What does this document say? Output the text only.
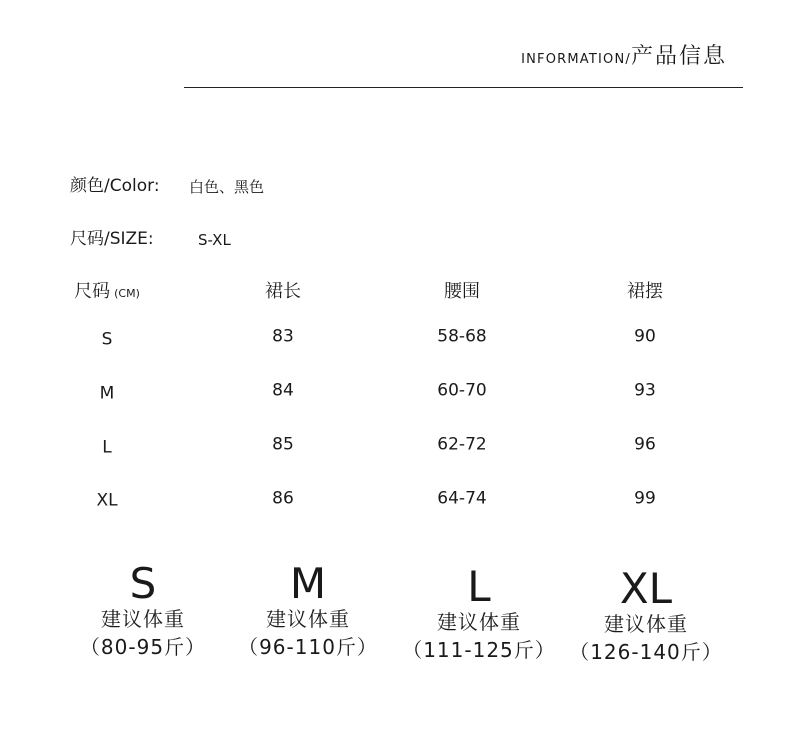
INFORMATION/产品信息
颜色/Color: 白色、黑色
尺码/SIZE:	S-XL
尺码 (CM)	裙长	腰围	裙摆
S	83	58-68	90
M	84	60-70	93
L	85	62-72	96
XL	86	64-74	99
S
建议体重
（80-95斤）
M
建议体重
（96-110斤）
L
建议体重
（111-125斤）
XL
建议体重
（126-140斤）
